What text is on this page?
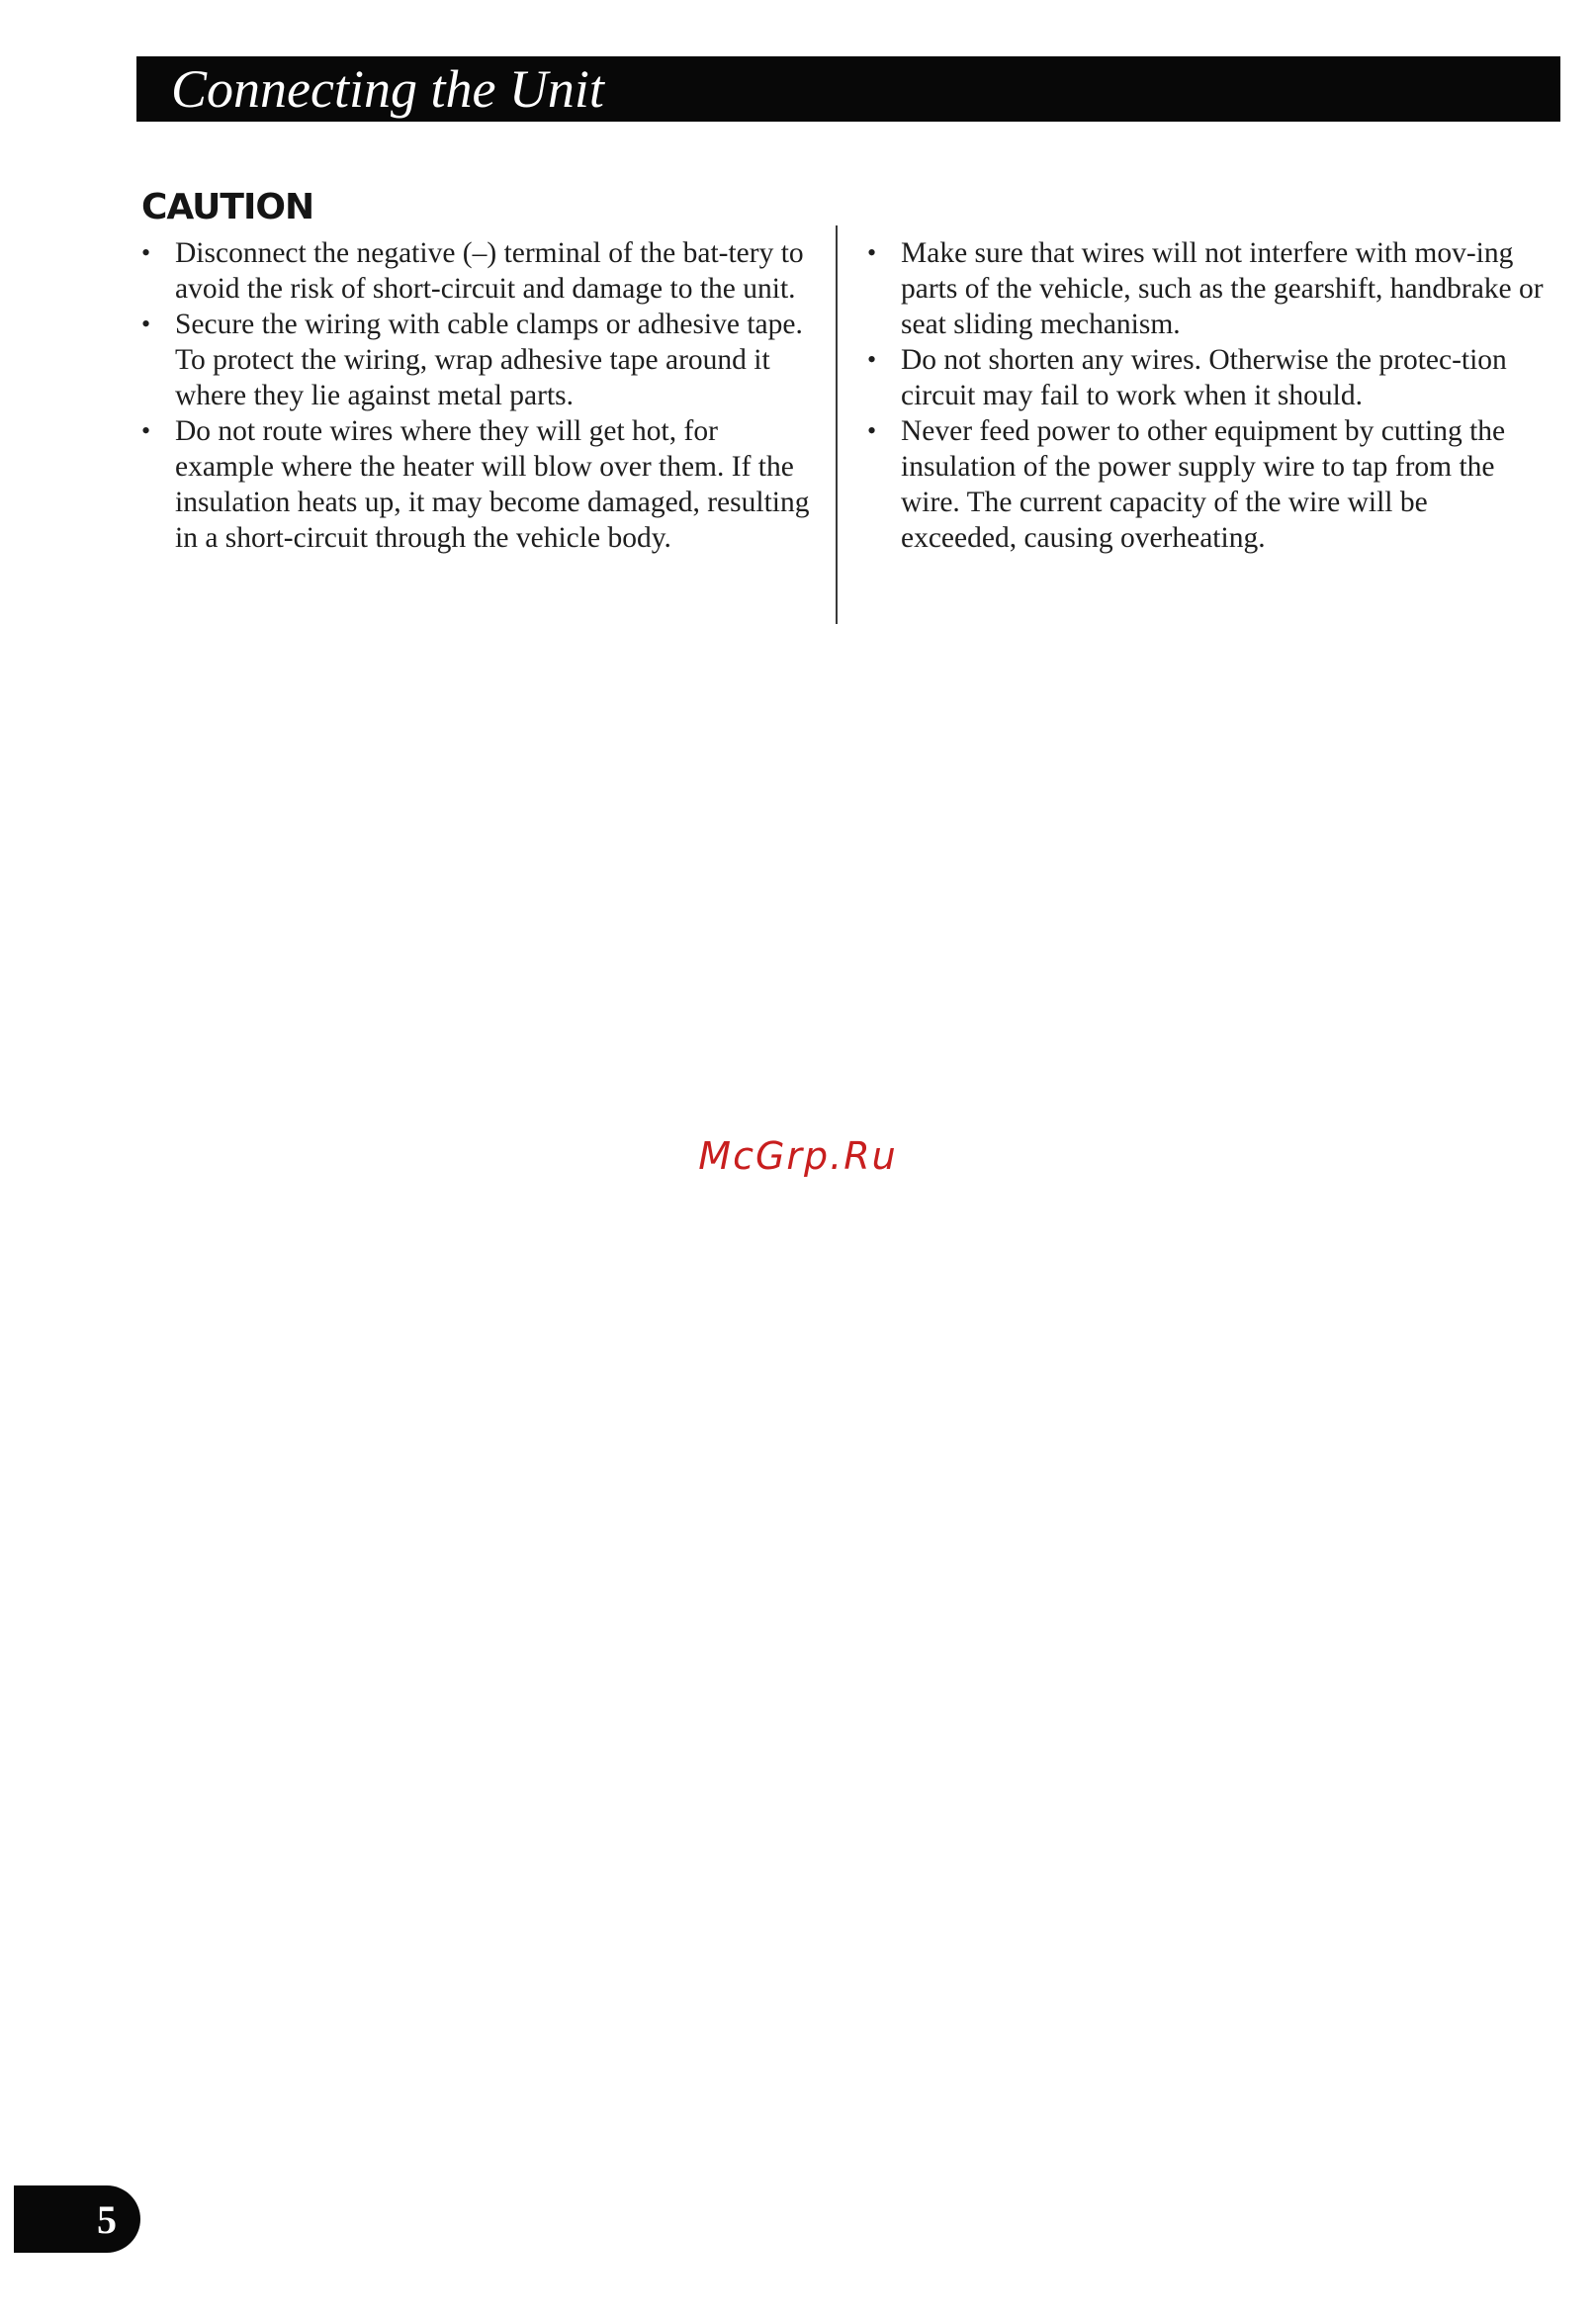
Connecting the Unit
CAUTION
• Disconnect the negative (–) terminal of the bat-tery to avoid the risk of short-circuit and damage to the unit.
• Secure the wiring with cable clamps or adhesive tape. To protect the wiring, wrap adhesive tape around it where they lie against metal parts.
• Do not route wires where they will get hot, for example where the heater will blow over them. If the insulation heats up, it may become damaged, resulting in a short-circuit through the vehicle body.
• Make sure that wires will not interfere with mov-ing parts of the vehicle, such as the gearshift, handbrake or seat sliding mechanism.
• Do not shorten any wires. Otherwise the protec-tion circuit may fail to work when it should.
• Never feed power to other equipment by cutting the insulation of the power supply wire to tap from the wire. The current capacity of the wire will be exceeded, causing overheating.
McGrp.Ru
5
